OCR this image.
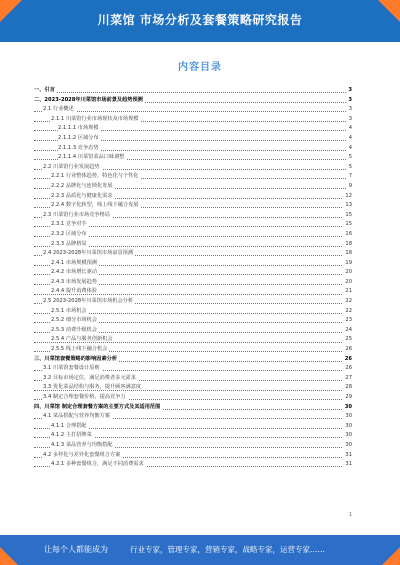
川菜馆 市场分析及套餐策略研究报告
内容目录
一、引言	3
二、2023-2028年川菜馆市场前景及趋势预测	3
2.1 行业概述	3
2.1.1 川菜馆行业市场现状及市场规模	3
2.1.1.1 市场规模	4
2.1.1.2 区域分布	4
2.1.1.3 竞争态势	4
2.1.1.4 川菜馆菜品口味调整	5
2.2 川菜馆行业发展趋势	5
2.2.1 行业整体趋势，特色化与个性化	7
2.2.2 品牌化与连锁化发展	9
2.2.3 品质化与健康化需求	12
2.2.4 数字化转型，线上线下融合发展	13
2.3 川菜馆行业市场竞争格局	15
2.3.1 竞争对手	15
2.3.2 区域分布	16
2.3.3 品牌格局	18
2.4 2023-2028年川菜馆市场前景预测	18
2.4.1 市场规模预测	19
2.4.2 市场增长驱动	20
2.4.3 市场发展趋势	20
2.4.4 提升消费体验	21
2.5 2023-2028年川菜馆市场机会分析	22
2.5.1 市场机会	22
2.5.2 细分市场机会	23
2.5.3 消费升级机会	24
2.5.4 产品与服务创新机会	25
2.5.5 线上线下融合机会	26
三、川菜馆套餐策略的影响因素分析	26
3.1 川菜馆套餐设计原则	26
3.2 目标市场定位，满足消费者多元需求	27
3.3 优化菜品结构与服务，提升顾客满意度	28
3.4 制定合理套餐价格，提高竞争力	29
四、川菜馆 制定合理套餐方案的主要方式及其适用范围	30
4.1 菜品搭配与营养均衡方案	30
4.1.1 合理搭配	30
4.1.2 主打招牌菜	30
4.1.3 菜品营养与均衡搭配	30
4.2 多样化与差异化套餐组合方案	31
4.2.1 多种套餐组合，满足不同消费需求	31
1
让每个人都能成为	行业专家，管理专家，营销专家，战略专家，运营专家……
